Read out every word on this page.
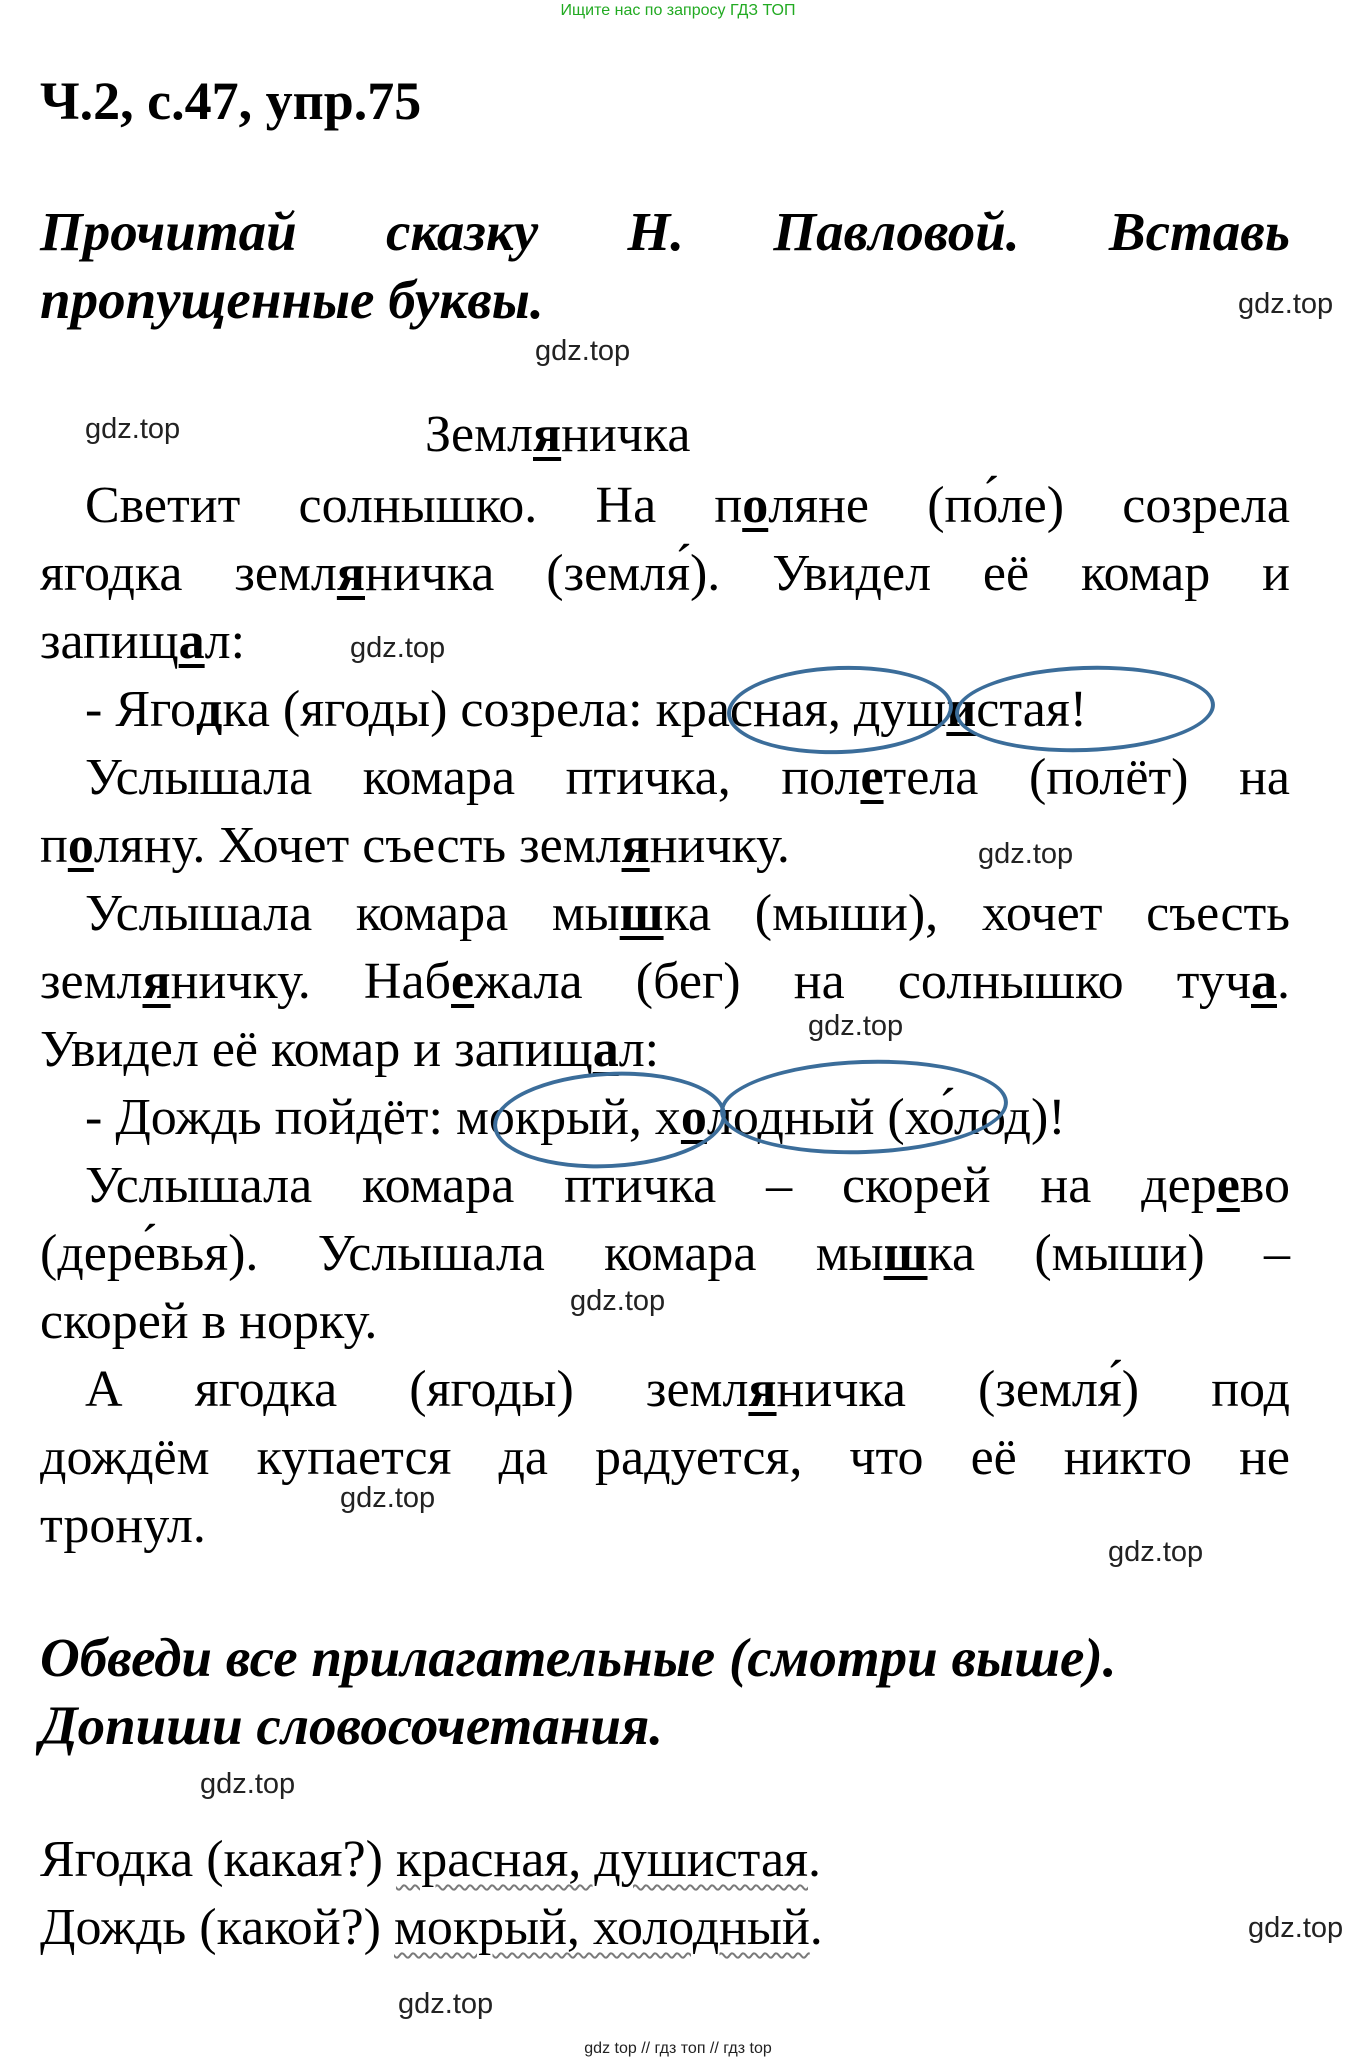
Ищите нас по запросу ГДЗ ТОП
Ч.2, с.47, упр.75
Прочитай сказку Н. Павловой. Вставь
пропущенные буквы.
Земляничка
Светит солнышко. На поляне (по́ле) созрела
ягодка земляничка (земля́). Увидел её комар и
запищал:
- Ягодка (ягоды) созрела: красная, душистая!
Услышала комара птичка, полетела (полёт) на
поляну. Хочет съесть земляничку.
Услышала комара мышка (мыши), хочет съесть
земляничку. Набежала (бег) на солнышко туча.
Увидел её комар и запищал:
- Дождь пойдёт: мокрый, холодный (хо́лод)!
Услышала комара птичка – скорей на дерево
(дере́вья). Услышала комара мышка (мыши) –
скорей в норку.
А ягодка (ягоды) земляничка (земля́) под
дождём купается да радуется, что её никто не
тронул.
Обведи все прилагательные (смотри выше).
Допиши словосочетания.
Ягодка (какая?) красная, душистая.
Дождь (какой?) мокрый, холодный.
gdz.top
gdz.top
gdz.top
gdz.top
gdz.top
gdz.top
gdz.top
gdz.top
gdz.top
gdz.top
gdz.top
gdz.top
gdz top // гдз топ // гдз top
